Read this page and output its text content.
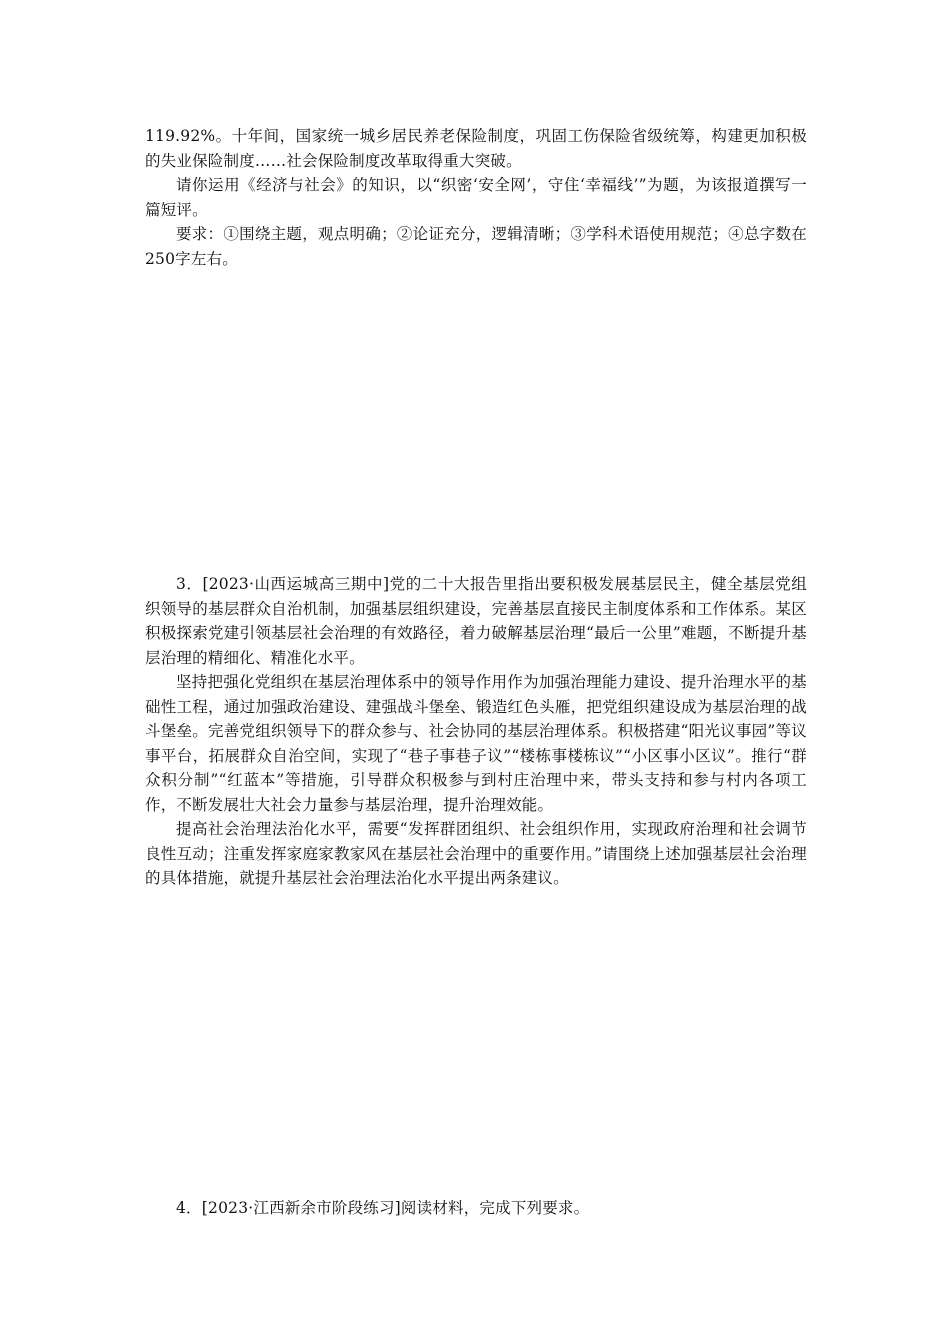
119.92%。十年间，国家统一城乡居民养老保险制度，巩固工伤保险省级统筹，构建更加积极的失业保险制度……社会保险制度改革取得重大突破。

请你运用《经济与社会》的知识，以“织密‘安全网’，守住‘幸福线’”为题，为该报道撰写一篇短评。

要求：①围绕主题，观点明确；②论证充分，逻辑清晰；③学科术语使用规范；④总字数在250字左右。

3．[2023·山西运城高三期中]党的二十大报告里指出要积极发展基层民主，健全基层党组织领导的基层群众自治机制，加强基层组织建设，完善基层直接民主制度体系和工作体系。某区积极探索党建引领基层社会治理的有效路径，着力破解基层治理“最后一公里”难题，不断提升基层治理的精细化、精准化水平。

坚持把强化党组织在基层治理体系中的领导作用作为加强治理能力建设、提升治理水平的基础性工程，通过加强政治建设、建强战斗堡垒、锻造红色头雁，把党组织建设成为基层治理的战斗堡垒。完善党组织领导下的群众参与、社会协同的基层治理体系。积极搭建“阳光议事园”等议事平台，拓展群众自治空间，实现了“巷子事巷子议”“楼栋事楼栋议”“小区事小区议”。推行“群众积分制”“红蓝本”等措施，引导群众积极参与到村庄治理中来，带头支持和参与村内各项工作，不断发展壮大社会力量参与基层治理，提升治理效能。

提高社会治理法治化水平，需要“发挥群团组织、社会组织作用，实现政府治理和社会调节良性互动；注重发挥家庭家教家风在基层社会治理中的重要作用。”请围绕上述加强基层社会治理的具体措施，就提升基层社会治理法治化水平提出两条建议。

4．[2023·江西新余市阶段练习]阅读材料，完成下列要求。
